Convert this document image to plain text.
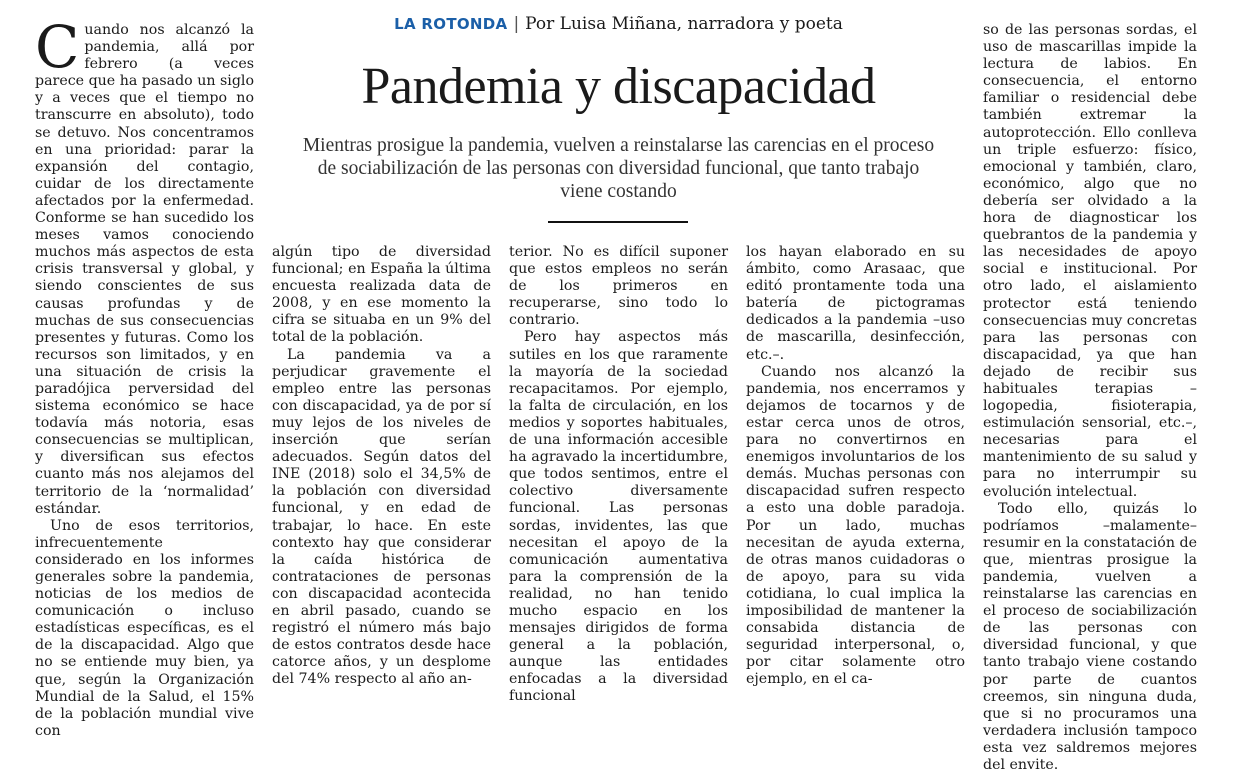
LA ROTONDA | Por Luisa Miñana, narradora y poeta
Pandemia y discapacidad
Mientras prosigue la pandemia, vuelven a reinstalarse las carencias en el proceso de sociabilización de las personas con diversidad funcional, que tanto trabajo viene costando

Cuando nos alcanzó la pandemia, allá por febrero (a veces parece que ha pasado un siglo y a veces que el tiempo no transcurre en absoluto), todo se detuvo. Nos concentramos en una prioridad: parar la expansión del contagio, cuidar de los directamente afectados por la enfermedad. Conforme se han sucedido los meses vamos conociendo muchos más aspectos de esta crisis transversal y global, y siendo conscientes de sus causas profundas y de muchas de sus consecuencias presentes y futuras. Como los recursos son limitados, y en una situación de crisis la paradójica perversidad del sistema económico se hace todavía más notoria, esas consecuencias se multiplican, y diversifican sus efectos cuanto más nos alejamos del territorio de la ‘normalidad’ estándar.

Uno de esos territorios, infrecuentemente considerado en los informes generales sobre la pandemia, noticias de los medios de comunicación o incluso estadísticas específicas, es el de la discapacidad. Algo que no se entiende muy bien, ya que, según la Organización Mundial de la Salud, el 15% de la población mundial vive con

algún tipo de diversidad funcional; en España la última encuesta realizada data de 2008, y en ese momento la cifra se situaba en un 9% del total de la población.

La pandemia va a perjudicar gravemente el empleo entre las personas con discapacidad, ya de por sí muy lejos de los niveles de inserción que serían adecuados. Según datos del INE (2018) solo el 34,5% de la población con diversidad funcional, y en edad de trabajar, lo hace. En este contexto hay que considerar la caída histórica de contrataciones de personas con discapacidad acontecida en abril pasado, cuando se registró el número más bajo de estos contratos desde hace catorce años, y un desplome del 74% respecto al año an-

terior. No es difícil suponer que estos empleos no serán de los primeros en recuperarse, sino todo lo contrario.

Pero hay aspectos más sutiles en los que raramente la mayoría de la sociedad recapacitamos. Por ejemplo, la falta de circulación, en los medios y soportes habituales, de una información accesible ha agravado la incertidumbre, que todos sentimos, entre el colectivo diversamente funcional. Las personas sordas, invidentes, las que necesitan el apoyo de la comunicación aumentativa para la comprensión de la realidad, no han tenido mucho espacio en los mensajes dirigidos de forma general a la población, aunque las entidades enfocadas a la diversidad funcional

los hayan elaborado en su ámbito, como Arasaac, que editó prontamente toda una batería de pictogramas dedicados a la pandemia –uso de mascarilla, desinfección, etc.–.

Cuando nos alcanzó la pandemia, nos encerramos y dejamos de tocarnos y de estar cerca unos de otros, para no convertirnos en enemigos involuntarios de los demás. Muchas personas con discapacidad sufren respecto a esto una doble paradoja. Por un lado, muchas necesitan de ayuda externa, de otras manos cuidadoras o de apoyo, para su vida cotidiana, lo cual implica la imposibilidad de mantener la consabida distancia de seguridad interpersonal, o, por citar solamente otro ejemplo, en el ca-

so de las personas sordas, el uso de mascarillas impide la lectura de labios. En consecuencia, el entorno familiar o residencial debe también extremar la autoprotección. Ello conlleva un triple esfuerzo: físico, emocional y también, claro, económico, algo que no debería ser olvidado a la hora de diagnosticar los quebrantos de la pandemia y las necesidades de apoyo social e institucional. Por otro lado, el aislamiento protector está teniendo consecuencias muy concretas para las personas con discapacidad, ya que han dejado de recibir sus habituales terapias –logopedia, fisioterapia, estimulación sensorial, etc.–, necesarias para el mantenimiento de su salud y para no interrumpir su evolución intelectual.

Todo ello, quizás lo podríamos –malamente– resumir en la constatación de que, mientras prosigue la pandemia, vuelven a reinstalarse las carencias en el proceso de sociabilización de las personas con diversidad funcional, y que tanto trabajo viene costando por parte de cuantos creemos, sin ninguna duda, que si no procuramos una verdadera inclusión tampoco esta vez saldremos mejores del envite.
